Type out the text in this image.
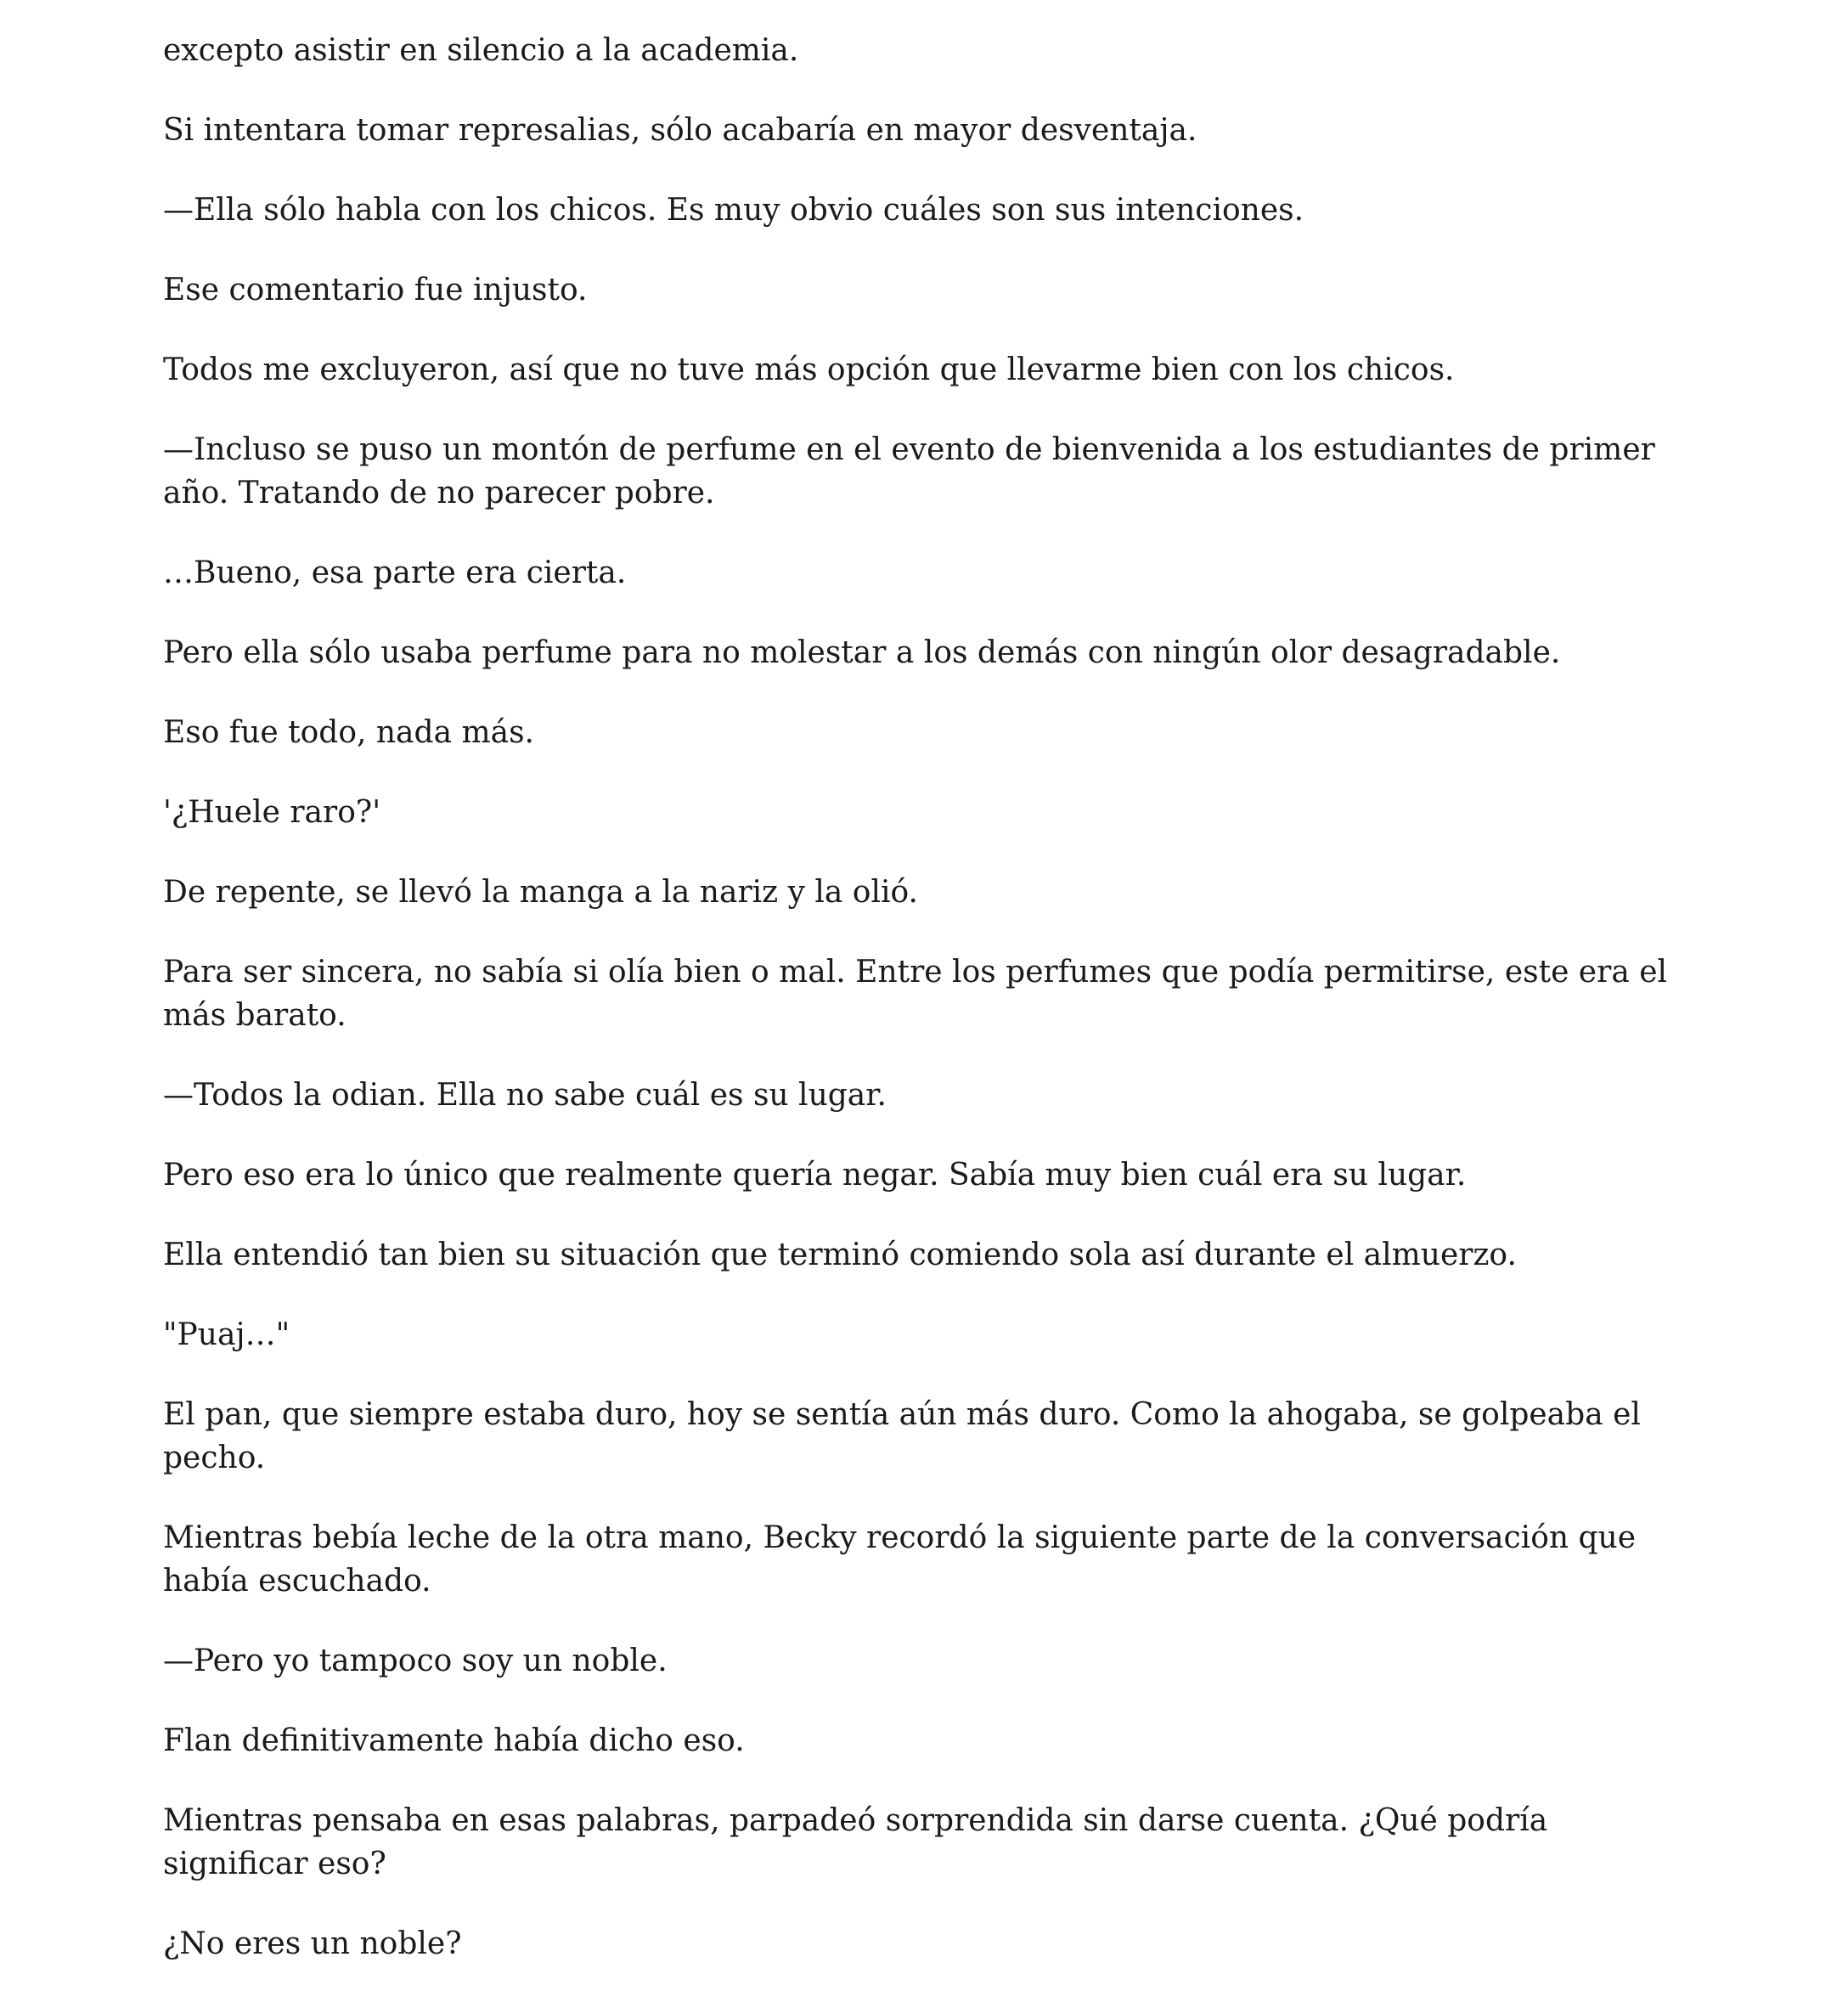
excepto asistir en silencio a la academia.

Si intentara tomar represalias, sólo acabaría en mayor desventaja.

—Ella sólo habla con los chicos. Es muy obvio cuáles son sus intenciones.

Ese comentario fue injusto.

Todos me excluyeron, así que no tuve más opción que llevarme bien con los chicos.

—Incluso se puso un montón de perfume en el evento de bienvenida a los estudiantes de primer año. Tratando de no parecer pobre.

…Bueno, esa parte era cierta.

Pero ella sólo usaba perfume para no molestar a los demás con ningún olor desagradable.

Eso fue todo, nada más.

'¿Huele raro?'

De repente, se llevó la manga a la nariz y la olió.

Para ser sincera, no sabía si olía bien o mal. Entre los perfumes que podía permitirse, este era el más barato.

—Todos la odian. Ella no sabe cuál es su lugar.

Pero eso era lo único que realmente quería negar. Sabía muy bien cuál era su lugar.

Ella entendió tan bien su situación que terminó comiendo sola así durante el almuerzo.

"Puaj…"

El pan, que siempre estaba duro, hoy se sentía aún más duro. Como la ahogaba, se golpeaba el pecho.

Mientras bebía leche de la otra mano, Becky recordó la siguiente parte de la conversación que había escuchado.

—Pero yo tampoco soy un noble.

Flan definitivamente había dicho eso.

Mientras pensaba en esas palabras, parpadeó sorprendida sin darse cuenta. ¿Qué podría significar eso?

¿No eres un noble?
